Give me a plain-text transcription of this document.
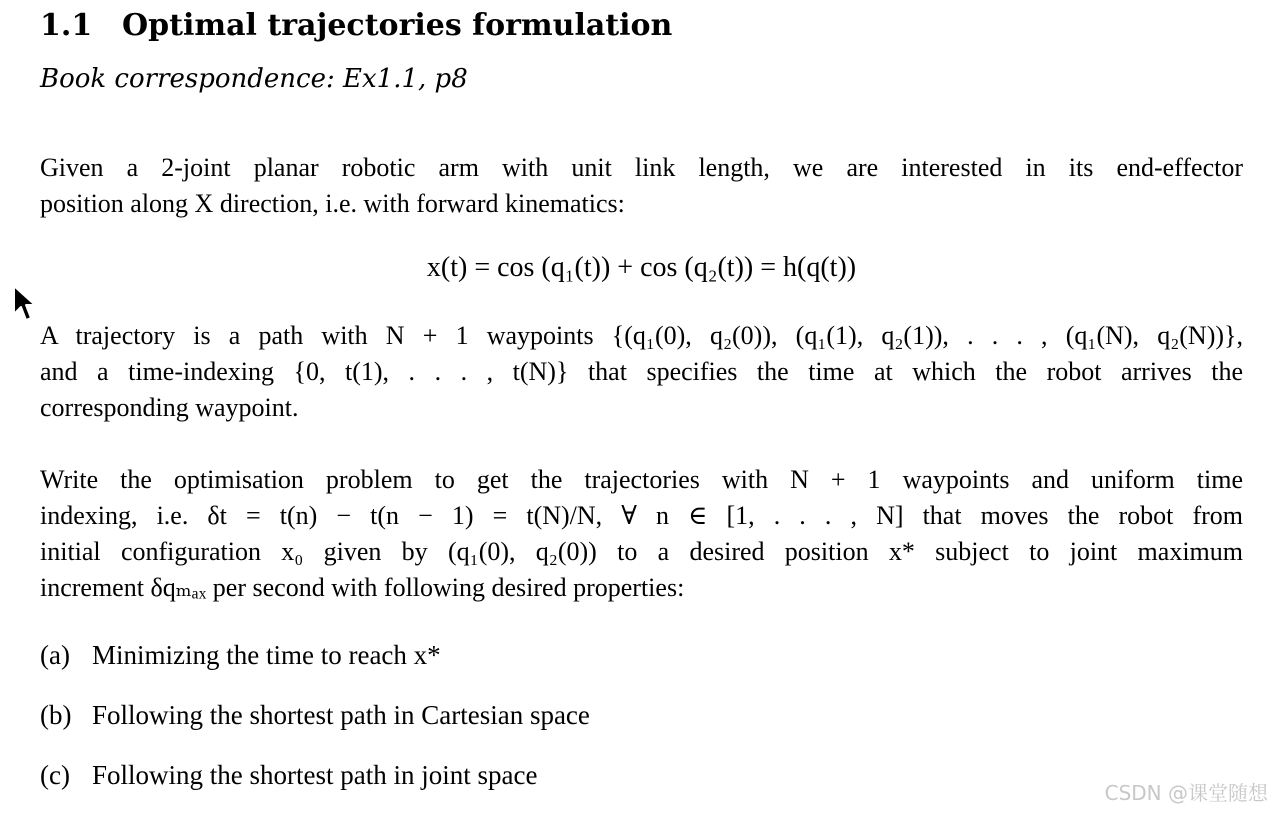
1.1 Optimal trajectories formulation
Book correspondence: Ex1.1, p8
Given a 2-joint planar robotic arm with unit link length, we are interested in its end-effector
position along X direction, i.e. with forward kinematics:
x(t) = cos (q₁(t)) + cos (q₂(t)) = h(q(t))
A trajectory is a path with N + 1 waypoints {(q₁(0), q₂(0)), (q₁(1), q₂(1)), . . . , (q₁(N), q₂(N))},
and a time-indexing {0, t(1), . . . , t(N)} that specifies the time at which the robot arrives the
corresponding waypoint.
Write the optimisation problem to get the trajectories with N + 1 waypoints and uniform time
indexing, i.e. δt = t(n) − t(n − 1) = t(N)/N, ∀ n ∈ [1, . . . , N] that moves the robot from
initial configuration x₀ given by (q₁(0), q₂(0)) to a desired position x* subject to joint maximum
increment δqₘₐₓ per second with following desired properties:
(a) Minimizing the time to reach x*
(b) Following the shortest path in Cartesian space
(c) Following the shortest path in joint space
CSDN @课堂随想
